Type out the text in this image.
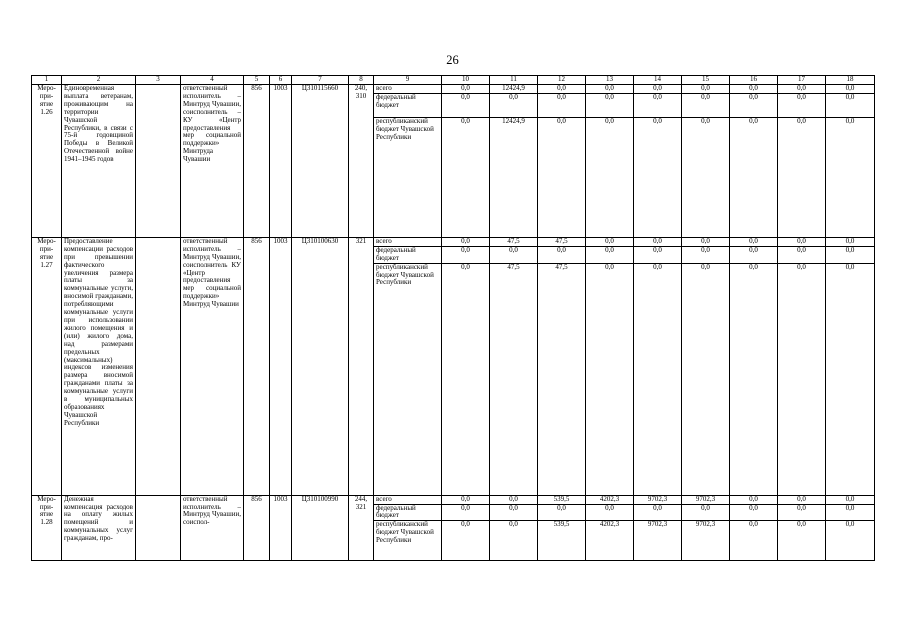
26
1	2	3	4	5	6	7	8	9	10	11	12	13	14	15	16	17	18
Меро-при-ятие 1.26	Единовременная выплата ветеранам, проживающим на территории Чувашской Республики, в связи с 75-й годовщиной Победы в Великой Отечественной войне 1941–1945 годов		ответственный исполнитель – Минтруд Чувашии, соисполнитель – КУ «Центр предоставления мер социальной поддержки» Минтруда Чувашии	856	1003	Ц310115660	240, 310	всего	0,0	12424,9	0,0	0,0	0,0	0,0	0,0	0,0	0,0
								федеральный бюджет	0,0	0,0	0,0	0,0	0,0	0,0	0,0	0,0	0,0
								республиканский бюджет Чувашской Республики	0,0	12424,9	0,0	0,0	0,0	0,0	0,0	0,0	0,0
Меро-при-ятие 1.27	Предоставление компенсации расходов при превышении фактического увеличения размера платы за коммунальные услуги, вносимой гражданами, потребляющими коммунальные услуги при использовании жилого помещения и (или) жилого дома, над размерами предельных (максимальных) индексов изменения размера вносимой гражданами платы за коммунальные услуги в муниципальных образованиях Чувашской Республики		ответственный исполнитель – Минтруд Чувашии, соисполнитель КУ «Центр предоставления мер социальной поддержки» Минтруд Чувашии	856	1003	Ц310100630	321	всего	0,0	47,5	47,5	0,0	0,0	0,0	0,0	0,0	0,0
								федеральный бюджет	0,0	0,0	0,0	0,0	0,0	0,0	0,0	0,0	0,0
								республиканский бюджет Чувашской Республики	0,0	47,5	47,5	0,0	0,0	0,0	0,0	0,0	0,0
Меро-при-ятие 1.28	Денежная компенсация расходов на оплату жилых помещений и коммунальных услуг гражданам, про-		ответственный исполнитель – Минтруд Чувашии, соиспол-	856	1003	Ц310100990	244, 321	всего	0,0	0,0	539,5	4202,3	9702,3	9702,3	0,0	0,0	0,0
								федеральный бюджет	0,0	0,0	0,0	0,0	0,0	0,0	0,0	0,0	0,0
								республиканский бюджет Чувашской Республики	0,0	0,0	539,5	4202,3	9702,3	9702,3	0,0	0,0	0,0
